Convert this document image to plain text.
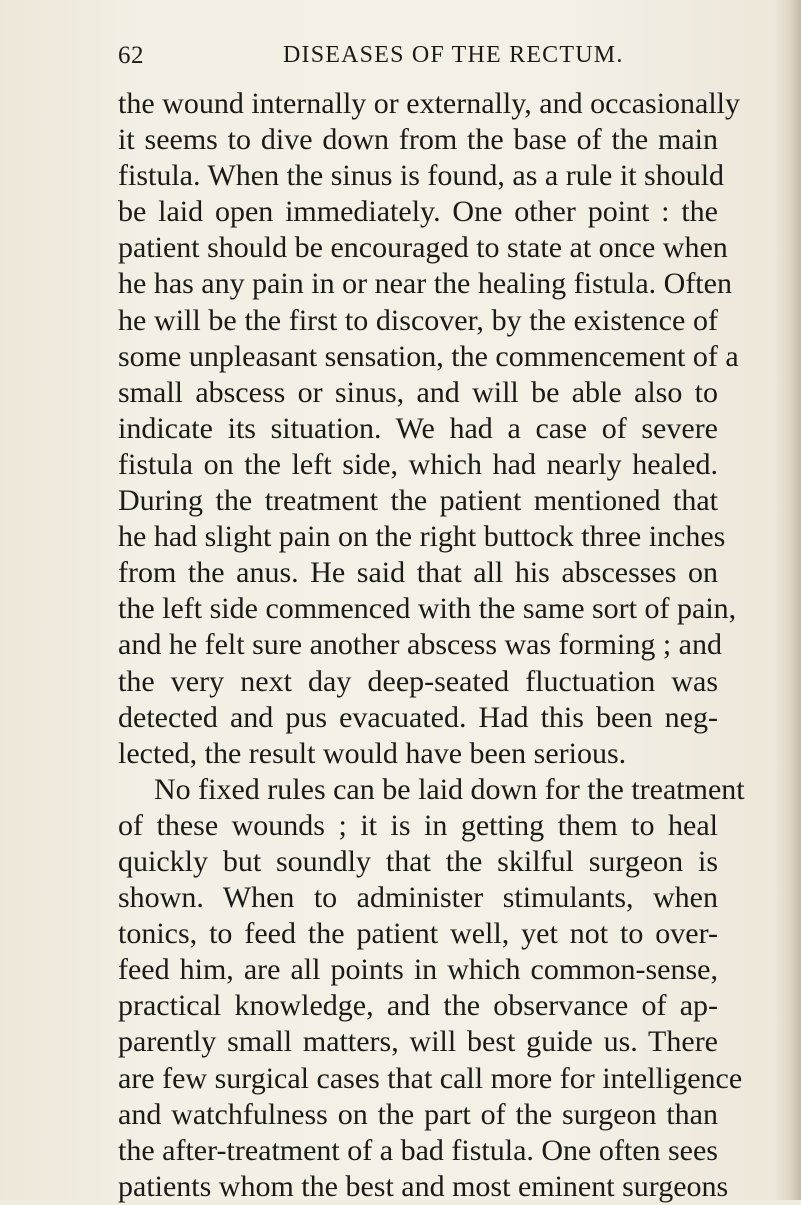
62	DISEASES OF THE RECTUM.
the wound internally or externally, and occasionally
it seems to dive down from the base of the main
fistula. When the sinus is found, as a rule it should
be laid open immediately. One other point : the
patient should be encouraged to state at once when
he has any pain in or near the healing fistula. Often
he will be the first to discover, by the existence of
some unpleasant sensation, the commencement of a
small abscess or sinus, and will be able also to
indicate its situation. We had a case of severe
fistula on the left side, which had nearly healed.
During the treatment the patient mentioned that
he had slight pain on the right buttock three inches
from the anus. He said that all his abscesses on
the left side commenced with the same sort of pain,
and he felt sure another abscess was forming ; and
the very next day deep-seated fluctuation was
detected and pus evacuated. Had this been neg-
lected, the result would have been serious.
No fixed rules can be laid down for the treatment
of these wounds ; it is in getting them to heal
quickly but soundly that the skilful surgeon is
shown. When to administer stimulants, when
tonics, to feed the patient well, yet not to over-
feed him, are all points in which common-sense,
practical knowledge, and the observance of ap-
parently small matters, will best guide us. There
are few surgical cases that call more for intelligence
and watchfulness on the part of the surgeon than
the after-treatment of a bad fistula. One often sees
patients whom the best and most eminent surgeons
